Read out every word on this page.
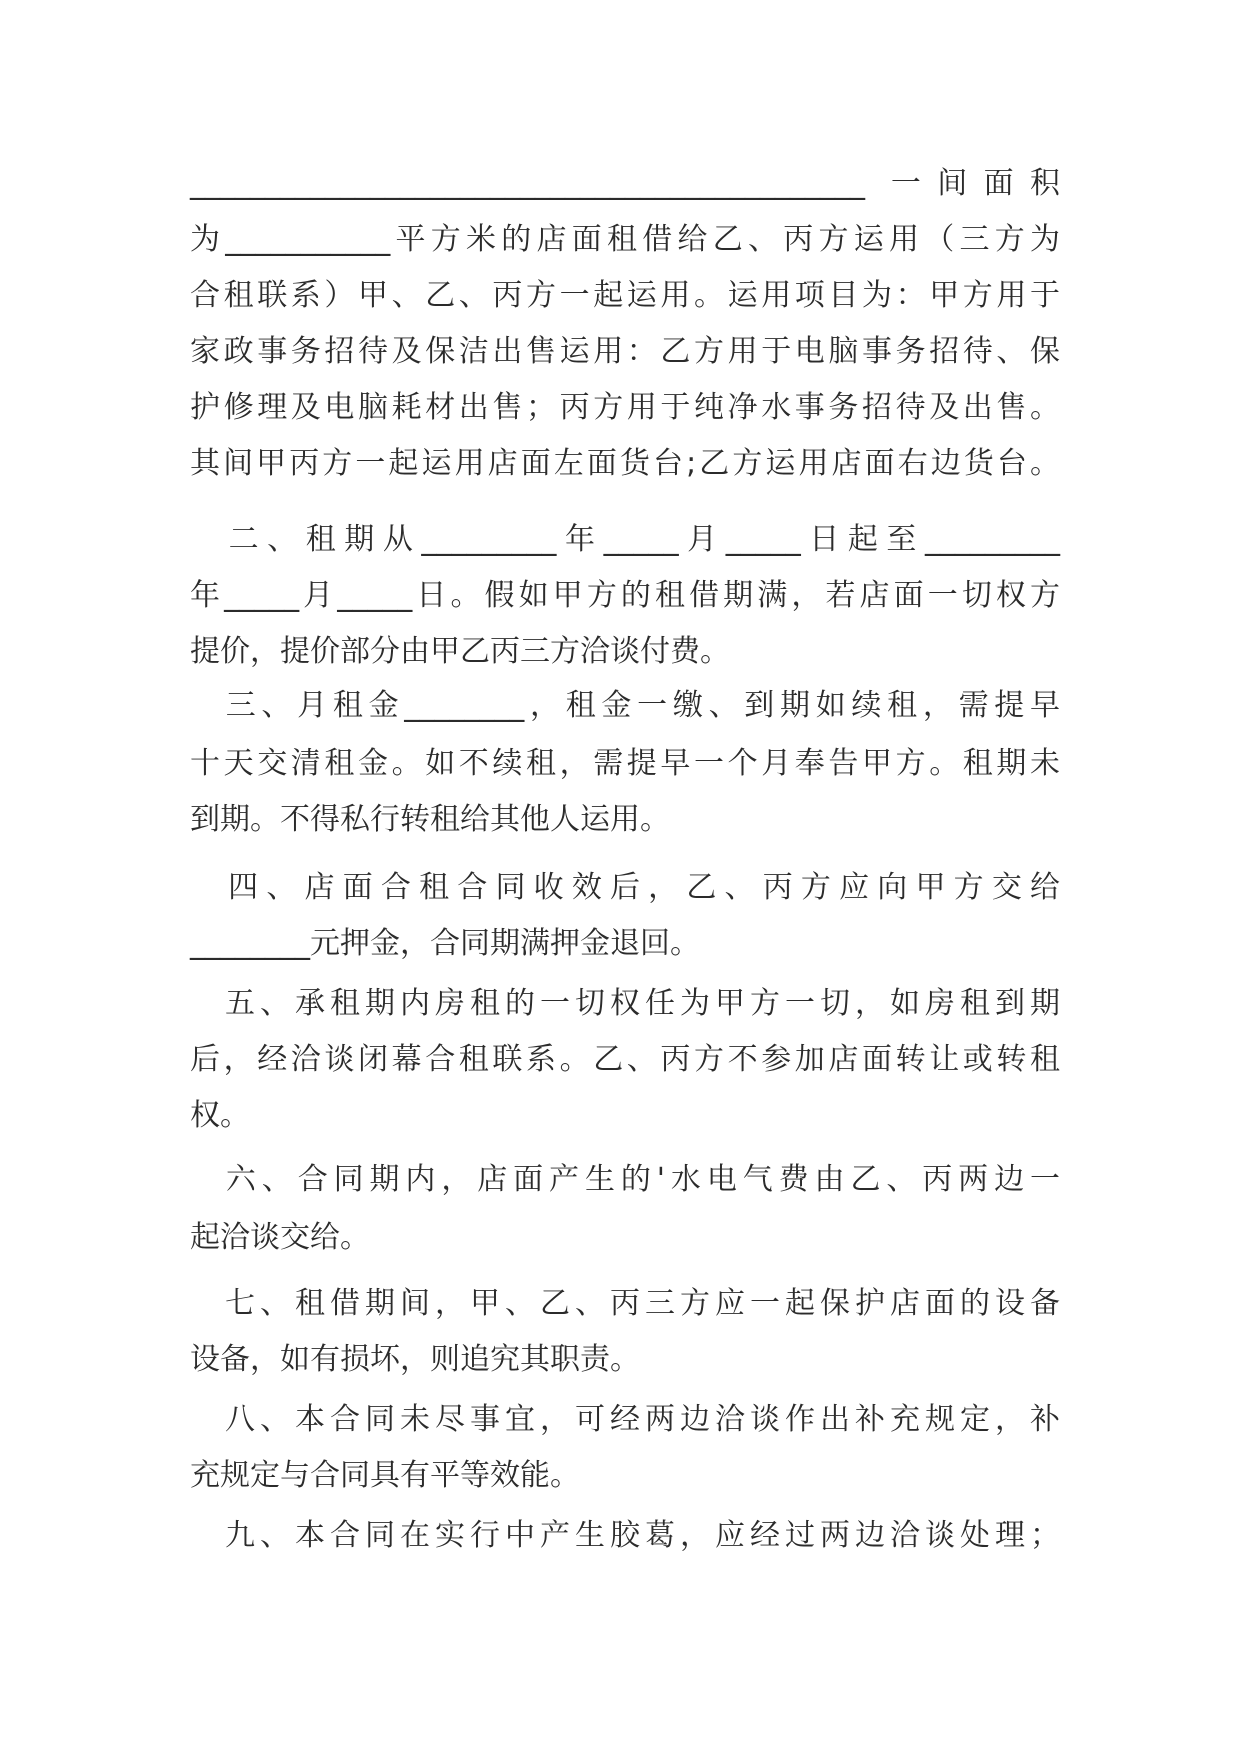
_____________________________________________ 一间面积
为___________平方米的店面租借给乙、丙方运用（三方为
合租联系）甲、乙、丙方一起运用。运用项目为：甲方用于
家政事务招待及保洁出售运用：乙方用于电脑事务招待、保
护修理及电脑耗材出售；丙方用于纯净水事务招待及出售。
其间甲丙方一起运用店面左面货台;乙方运用店面右边货台。
　二、租期从_________年_____月_____日起至_________
年_____月_____日。假如甲方的租借期满，若店面一切权方
提价，提价部分由甲乙丙三方洽谈付费。
　三、月租金________，租金一缴、到期如续租，需提早
十天交清租金。如不续租，需提早一个月奉告甲方。租期未
到期。不得私行转租给其他人运用。
　四、店面合租合同收效后，乙、丙方应向甲方交给
________元押金，合同期满押金退回。
　五、承租期内房租的一切权任为甲方一切，如房租到期
后，经洽谈闭幕合租联系。乙、丙方不参加店面转让或转租
权。
　六、合同期内，店面产生的'水电气费由乙、丙两边一
起洽谈交给。
　七、租借期间，甲、乙、丙三方应一起保护店面的设备
设备，如有损坏，则追究其职责。
　八、本合同未尽事宜，可经两边洽谈作出补充规定，补
充规定与合同具有平等效能。
　九、本合同在实行中产生胶葛，应经过两边洽谈处理；
